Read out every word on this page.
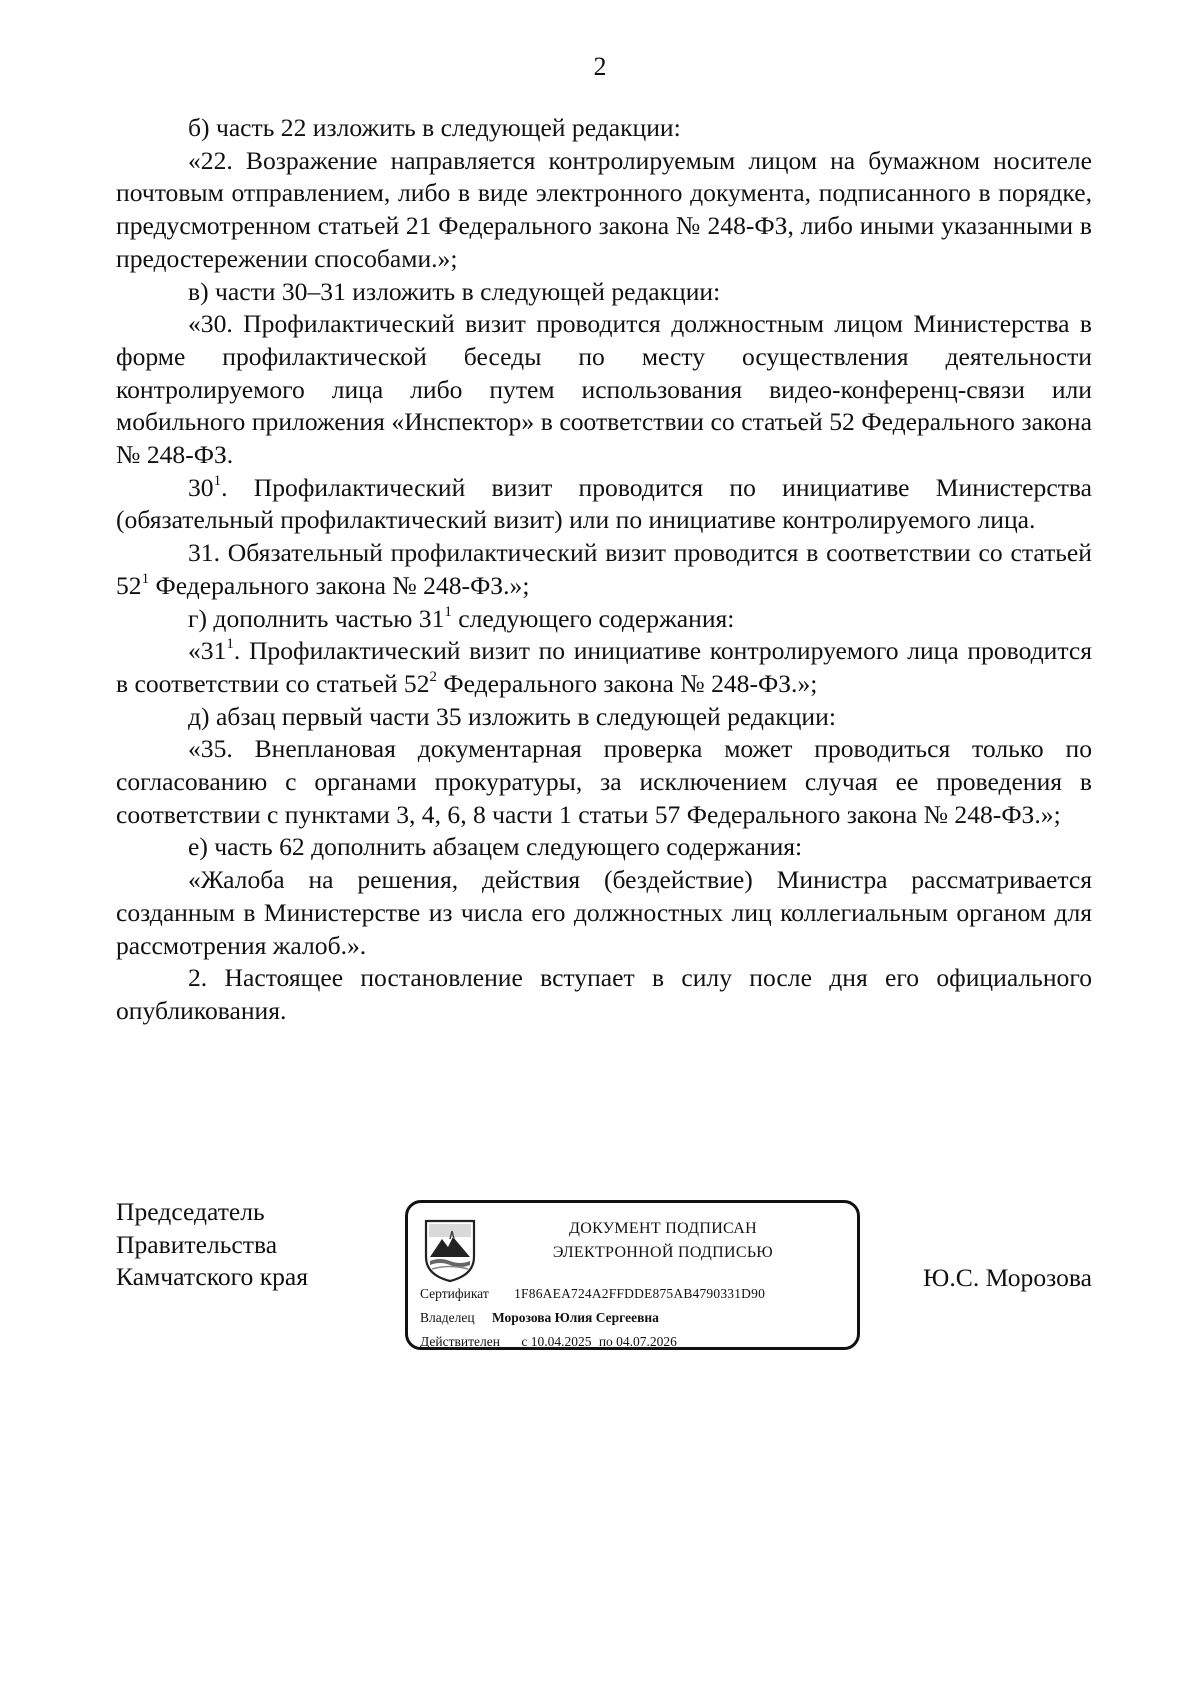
2

б) часть 22 изложить в следующей редакции:

«22. Возражение направляется контролируемым лицом на бумажном носителе почтовым отправлением, либо в виде электронного документа, подписанного в порядке, предусмотренном статьей 21 Федерального закона № 248-ФЗ, либо иными указанными в предостережении способами.»;

в) части 30–31 изложить в следующей редакции:

«30. Профилактический визит проводится должностным лицом Министерства в форме профилактической беседы по месту осуществления деятельности контролируемого лица либо путем использования видео-конференц-связи или мобильного приложения «Инспектор» в соответствии со статьей 52 Федерального закона № 248-ФЗ.

$30^1$. Профилактический визит проводится по инициативе Министерства (обязательный профилактический визит) или по инициативе контролируемого лица.

31. Обязательный профилактический визит проводится в соответствии со статьей $52^1$ Федерального закона № 248-ФЗ.»;

г) дополнить частью $31^1$ следующего содержания:

«$31^1$. Профилактический визит по инициативе контролируемого лица проводится в соответствии со статьей $52^2$ Федерального закона № 248-ФЗ.»;

д) абзац первый части 35 изложить в следующей редакции:

«35. Внеплановая документарная проверка может проводиться только по согласованию с органами прокуратуры, за исключением случая ее проведения в соответствии с пунктами 3, 4, 6, 8 части 1 статьи 57 Федерального закона № 248-ФЗ.»;

е) часть 62 дополнить абзацем следующего содержания:

«Жалоба на решения, действия (бездействие) Министра рассматривается созданным в Министерстве из числа его должностных лиц коллегиальным органом для рассмотрения жалоб.».

2. Настоящее постановление вступает в силу после дня его официального опубликования.

Председатель
Правительства
Камчатского края	Ю.С. Морозова
ДОКУМЕНТ ПОДПИСАН
ЭЛЕКТРОННОЙ ПОДПИСЬЮ
Сертификат 1F86AEA724A2FFDDE875AB4790331D90
Владелец Морозова Юлия Сергеевна
Действителен с 10.04.2025 по 04.07.2026
